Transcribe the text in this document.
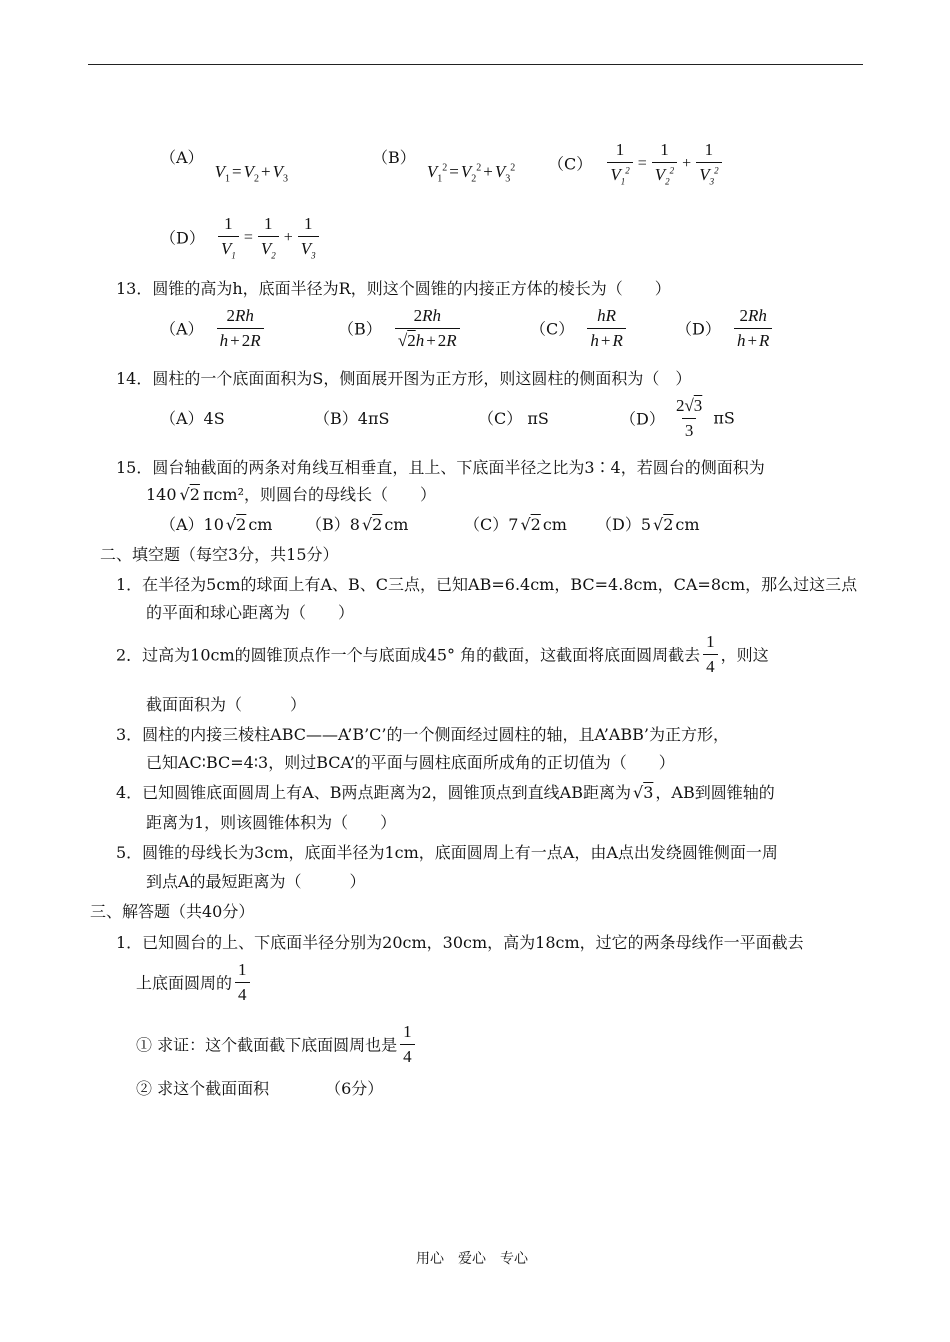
（A） $V_1 = V_2 + V_3$
（B） $V_1^2 = V_2^2 + V_3^2$ $(C) \frac{1}{V_1^2} = \frac{1}{V_2^2} + \frac{1}{V_3^2}$
$(D) \frac{1}{V_1} = \frac{1}{V_2} + \frac{1}{V_3}$
13．圆锥的高为h，底面半径为R，则这个圆锥的内接正方体的棱长为（　　）
$(A) \frac{2Rh}{h + 2R}$	$(B) \frac{2Rh}{√2h + 2R}$	$(C) \frac{hR}{h + R}$	$(D) \frac{2Rh}{h + R}$
14．圆柱的一个底面面积为S，侧面展开图为正方形，则这圆柱的侧面积为（　）
（A）4S	（B）4πS	（C） πS	$(D) \frac{2√3}{3}$ πS
15．圆台轴截面的两条对角线互相垂直，且上、下底面半径之比为3∶4，若圆台的侧面积为
140 √2 πcm²，则圆台的母线长（　　）
（A）10 √2 cm （B）8 √2 cm	（C）7 √2 cm （D）5 √2 cm
二、填空题（每空3分，共15分）
1．在半径为5cm的球面上有A、B、C三点，已知AB=6.4cm，BC=4.8cm，CA=8cm，那么过这三点
的平面和球心距离为（　　）
2．过高为10cm的圆锥顶点作一个与底面成45° 角的截面，这截面将底面圆周截去 $\frac{1}{4}$ ，则这
截面面积为（　　　）
3．圆柱的内接三棱柱ABC——A’B’C’的一个侧面经过圆柱的轴，且A’ABB’为正方形，
已知AC∶BC=4∶3，则过BCA’的平面与圆柱底面所成角的正切值为（　　）
4．已知圆锥底面圆周上有A、B两点距离为2，圆锥顶点到直线AB距离为 √3 ，AB到圆锥轴的
距离为1，则该圆锥体积为（　　）
5．圆锥的母线长为3cm，底面半径为1cm，底面圆周上有一点A，由A点出发绕圆锥侧面一周
到点A的最短距离为（　　　）
三、解答题（共40分）
1．已知圆台的上、下底面半径分别为20cm，30cm，高为18cm，过它的两条母线作一平面截去
上底面圆周的 $\frac{1}{4}$
① 求证：这个截面截下底面圆周也是 $\frac{1}{4}$
② 求这个截面面积　　　　（6分）
用心　爱心　专心
